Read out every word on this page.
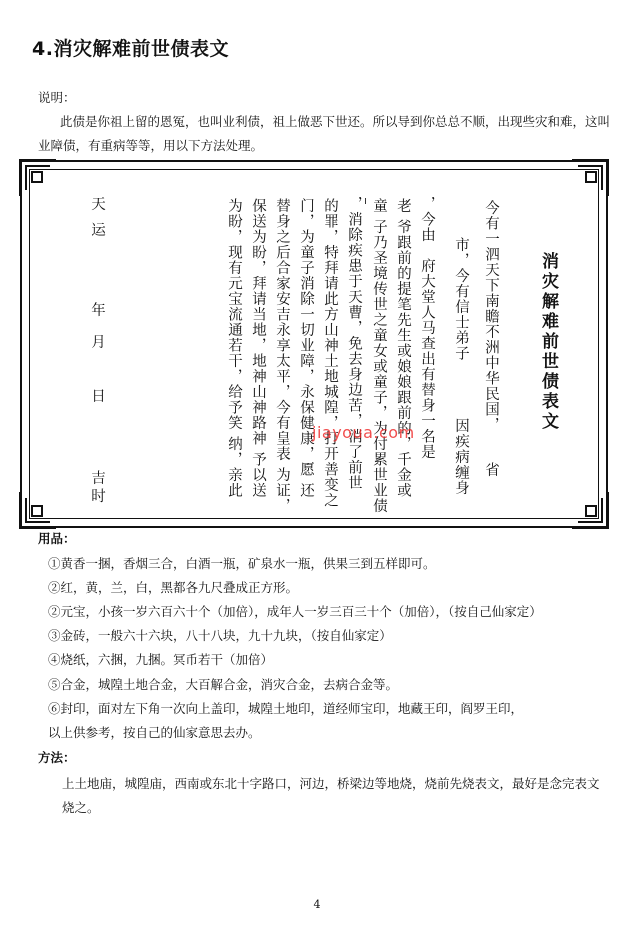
4.消灾解难前世债表文
说明：
此债是你祖上留的恩冤，也叫业利债，祖上做恶下世还。所以导到你总总不顺，出现些灾和难，这叫
业障债，有重病等等，用以下方法处理。
消灾解难前世债表文
今有一泗天下南瞻不洲中华民国，
省
市，今有信士弟子
因疾病缠身
，今由
府大堂人马查出有替身一名是
老 爷跟前的提笔先生或娘娘跟前的，千金或
童 子乃圣境传世之童女或童子，为付累世业债
，消除疾患于天曹，免去身边苦，消了前世
的罪，特拜请此方山神土地城隍，打开善变之
门，为童子消除一切业障，永保健康，愿 还
替身之后合家安吉永享太平，今有皇表 为证，
保送为盼，拜请当地，地神山神路神 予以送
为盼，现有元宝流通若干，给予笑 纳，亲此
天
运
年
月
日
吉
时
jiayoua.com
用品：
①黄香一捆，香烟三合，白酒一瓶，矿泉水一瓶，供果三到五样即可。
②红，黄，兰，白，黑都各九尺叠成正方形。
②元宝，小孩一岁六百六十个（加倍），成年人一岁三百三十个（加倍），（按自己仙家定）
③金砖，一般六十六块，八十八块，九十九块，（按自仙家定）
④烧纸，六捆，九捆。冥币若干（加倍）
⑤合金，城隍土地合金，大百解合金，消灾合金，去病合金等。
⑥封印，面对左下角一次向上盖印，城隍土地印，道经师宝印，地藏王印，阎罗王印，
以上供参考，按自己的仙家意思去办。
方法：
上土地庙，城隍庙，西南或东北十字路口，河边，桥梁边等地烧，烧前先烧表文，最好是念完表文
烧之。
4
